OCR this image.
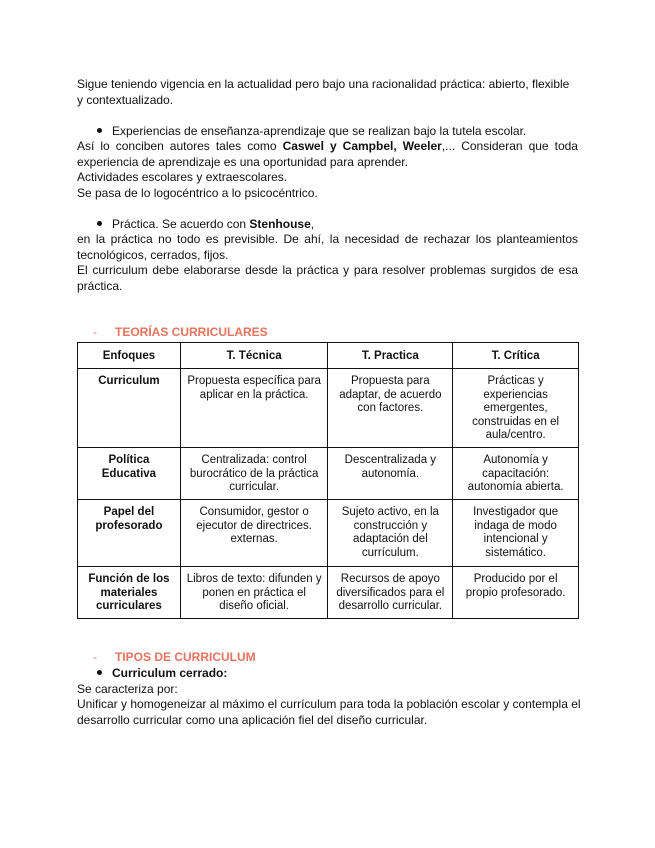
Sigue teniendo vigencia en la actualidad pero bajo una racionalidad práctica: abierto, flexible y contextualizado.
Experiencias de enseñanza-aprendizaje que se realizan bajo la tutela escolar.
Así lo conciben autores tales como Caswel y Campbel, Weeler,... Consideran que toda experiencia de aprendizaje es una oportunidad para aprender.
Actividades escolares y extraescolares.
Se pasa de lo logocéntrico a lo psicocéntrico.
Práctica. Se acuerdo con Stenhouse,
en la práctica no todo es previsible. De ahí, la necesidad de rechazar los planteamientos tecnológicos, cerrados, fijos.
El curriculum debe elaborarse desde la práctica y para resolver problemas surgidos de esa práctica.
- TEORÍAS CURRICULARES
Enfoques	T. Técnica	T. Practica	T. Crítica
Curriculum	Propuesta específica para aplicar en la práctica.	Propuesta para adaptar, de acuerdo con factores.	Prácticas y experiencias emergentes, construidas en el aula/centro.
Política Educativa	Centralizada: control burocrático de la práctica curricular.	Descentralizada y autonomía.	Autonomía y capacitación: autonomía abierta.
Papel del profesorado	Consumidor, gestor o ejecutor de directrices. externas.	Sujeto activo, en la construcción y adaptación del currículum.	Investigador que indaga de modo intencional y sistemático.
Función de los materiales curriculares	Libros de texto: difunden y ponen en práctica el diseño oficial.	Recursos de apoyo diversificados para el desarrollo curricular.	Producido por el propio profesorado.
- TIPOS DE CURRICULUM
Curriculum cerrado:
Se caracteriza por:
Unificar y homogeneizar al máximo el currículum para toda la población escolar y contempla el desarrollo curricular como una aplicación fiel del diseño curricular.
